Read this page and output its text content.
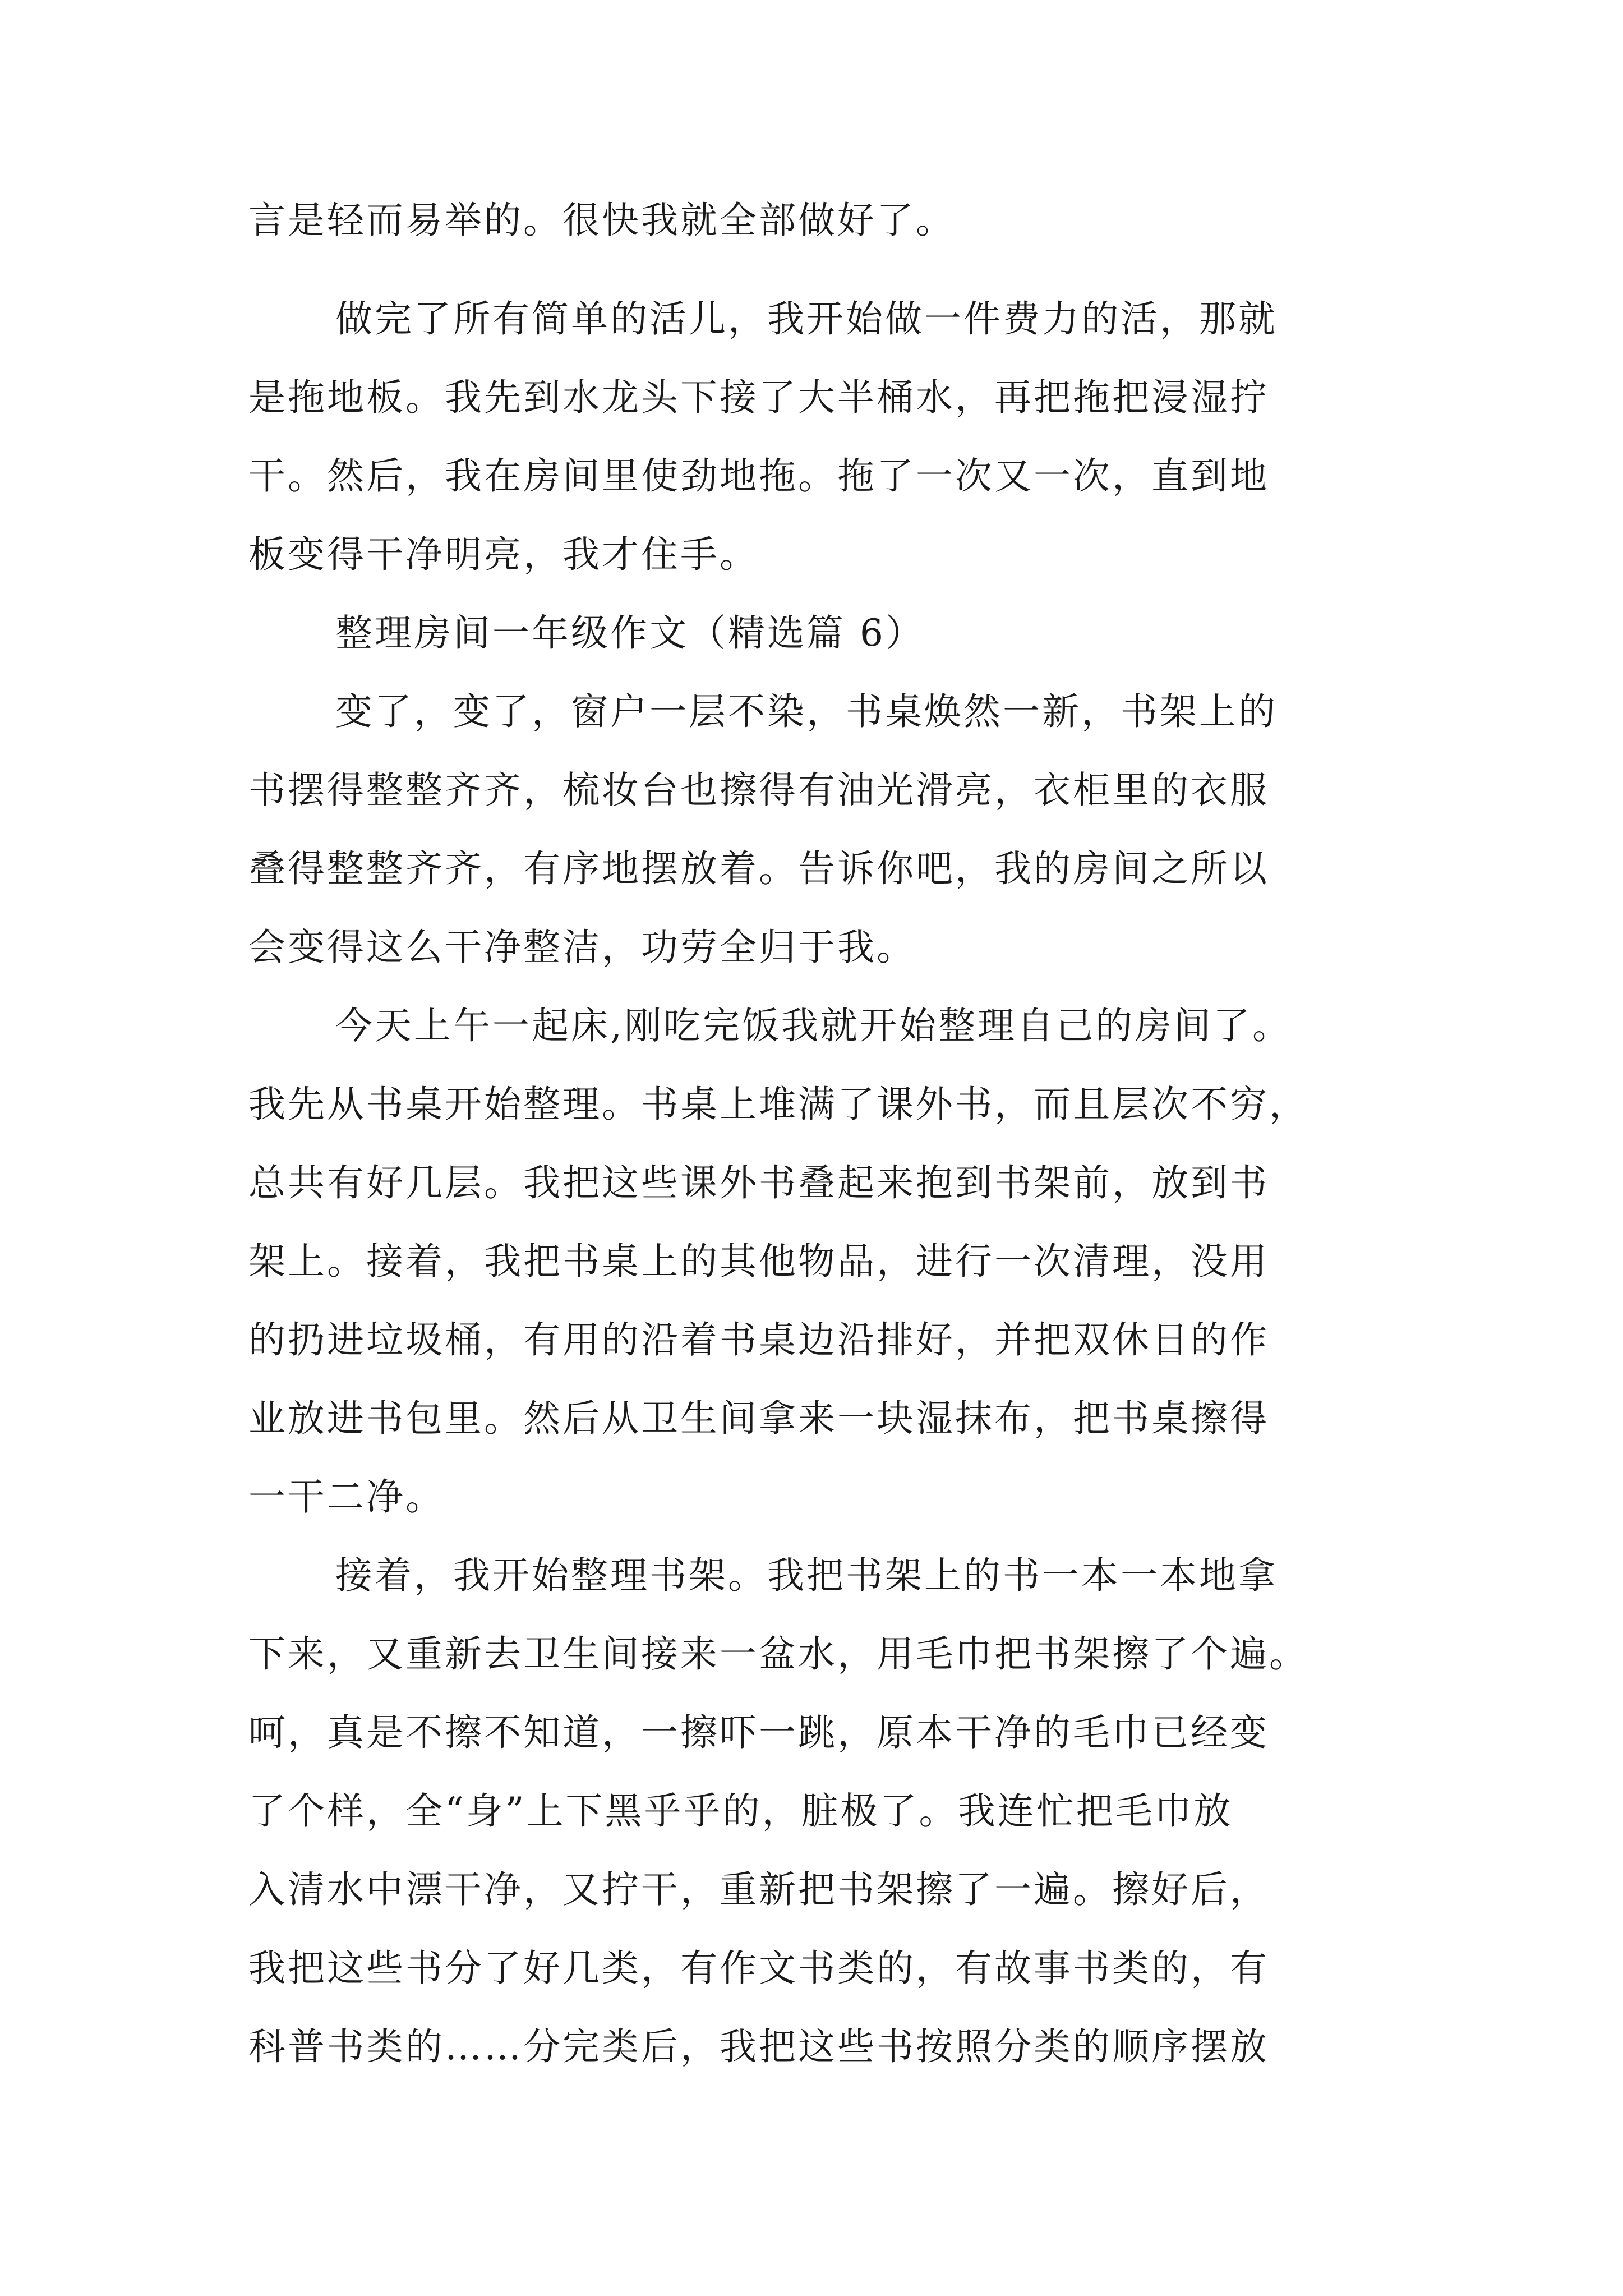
言是轻而易举的。很快我就全部做好了。
做完了所有简单的活儿，我开始做一件费力的活，那就
是拖地板。我先到水龙头下接了大半桶水，再把拖把浸湿拧
干。然后，我在房间里使劲地拖。拖了一次又一次，直到地
板变得干净明亮，我才住手。
整理房间一年级作文（精选篇 6）
变了，变了，窗户一层不染，书桌焕然一新，书架上的
书摆得整整齐齐，梳妆台也擦得有油光滑亮，衣柜里的衣服
叠得整整齐齐，有序地摆放着。告诉你吧，我的房间之所以
会变得这么干净整洁，功劳全归于我。
今天上午一起床,刚吃完饭我就开始整理自己的房间了。
我先从书桌开始整理。书桌上堆满了课外书，而且层次不穷，
总共有好几层。我把这些课外书叠起来抱到书架前，放到书
架上。接着，我把书桌上的其他物品，进行一次清理，没用
的扔进垃圾桶，有用的沿着书桌边沿排好，并把双休日的作
业放进书包里。然后从卫生间拿来一块湿抹布，把书桌擦得
一干二净。
接着，我开始整理书架。我把书架上的书一本一本地拿
下来，又重新去卫生间接来一盆水，用毛巾把书架擦了个遍。
呵，真是不擦不知道，一擦吓一跳，原本干净的毛巾已经变
了个样，全“身”上下黑乎乎的，脏极了。我连忙把毛巾放
入清水中漂干净，又拧干，重新把书架擦了一遍。擦好后，
我把这些书分了好几类，有作文书类的，有故事书类的，有
科普书类的……分完类后，我把这些书按照分类的顺序摆放
